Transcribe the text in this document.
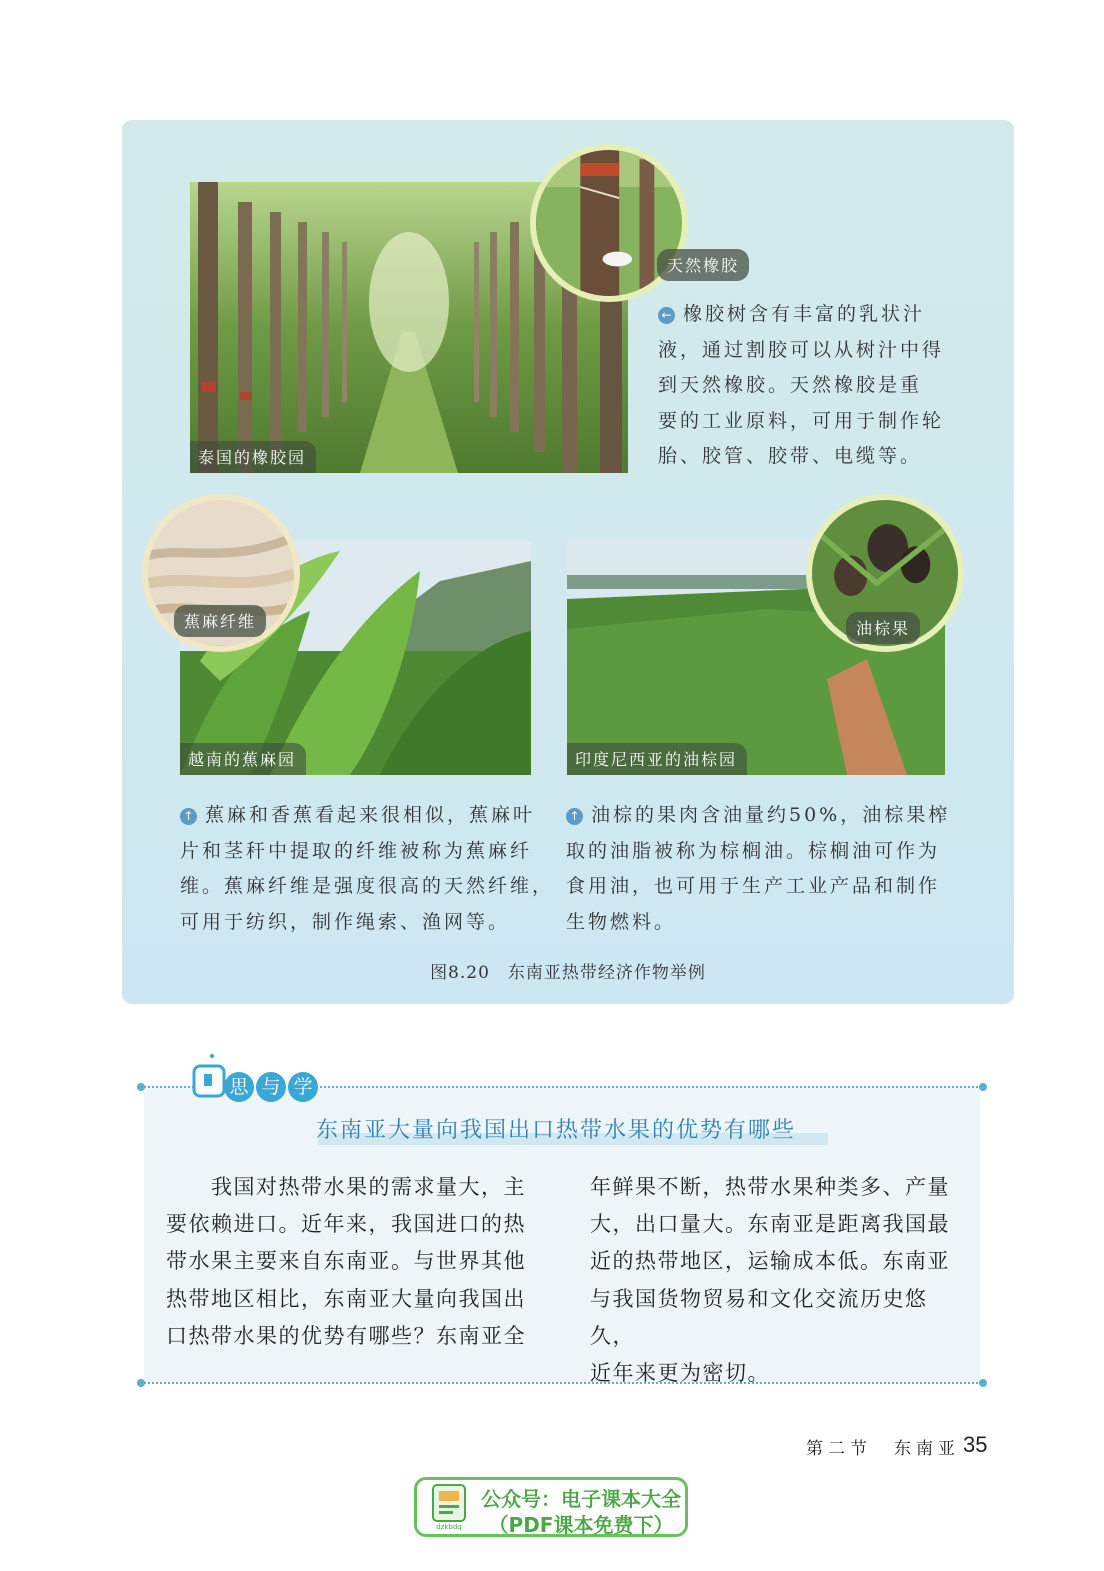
泰国的橡胶园
天然橡胶
← 橡胶树含有丰富的乳状汁
液，通过割胶可以从树汁中得
到天然橡胶。天然橡胶是重
要的工业原料，可用于制作轮
胎、胶管、胶带、电缆等。
越南的蕉麻园
蕉麻纤维
↑ 蕉麻和香蕉看起来很相似，蕉麻叶
片和茎秆中提取的纤维被称为蕉麻纤
维。蕉麻纤维是强度很高的天然纤维，
可用于纺织，制作绳索、渔网等。
印度尼西亚的油棕园
油棕果
↑ 油棕的果肉含油量约50%，油棕果榨
取的油脂被称为棕榈油。棕榈油可作为
食用油，也可用于生产工业产品和制作
生物燃料。
图8.20　东南亚热带经济作物举例
思 与 学
东南亚大量向我国出口热带水果的优势有哪些
　　我国对热带水果的需求量大，主
要依赖进口。近年来，我国进口的热
带水果主要来自东南亚。与世界其他
热带地区相比，东南亚大量向我国出
口热带水果的优势有哪些？东南亚全
年鲜果不断，热带水果种类多、产量
大，出口量大。东南亚是距离我国最
近的热带地区，运输成本低。东南亚
与我国货物贸易和文化交流历史悠久，
近年来更为密切。
第二节　东南亚 35
dzkbdq
公众号：电子课本大全
（PDF课本免费下）
